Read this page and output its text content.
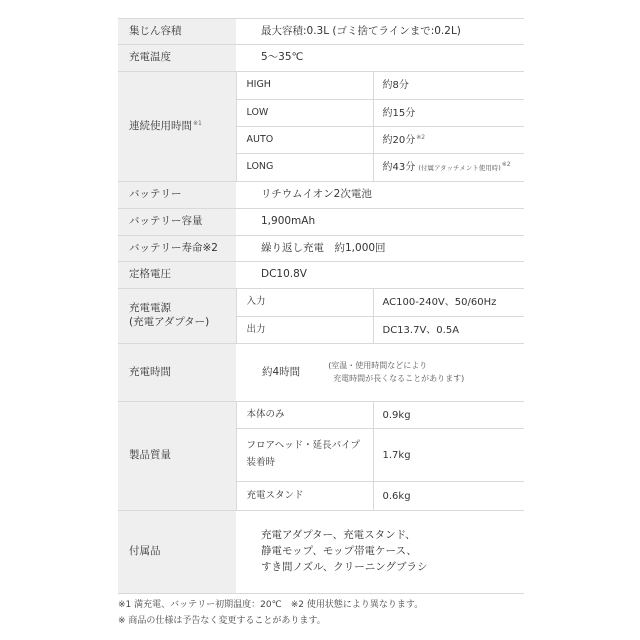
集じん容積	最大容積:0.3L (ゴミ捨てラインまで:0.2L)	
充電温度	5～35℃	
連続使用時間$^{※1}$	HIGH	約8分
	LOW	約15分
	AUTO	約20分$^{※2}$
	LONG	約43分 (付属アタッチメント使用時)$^{※2}$
バッテリー	リチウムイオン2次電池	
バッテリー容量	1,900mAh	
バッテリー寿命※2	繰り返し充電　約1,000回	
定格電圧	DC10.8V	

充電電源
(充電アダプター)	入力	AC100-240V、50/60Hz
	出力	DC13.7V、0.5A
充電時間	約4時間
(室温・使用時間などにより
充電時間が長くなることがあります)	

製品質量	本体のみ	0.9kg

	フロアヘッド・延長パイプ
装着時	1.7kg
	充電スタンド	0.6kg
付属品	充電アダプター、充電スタンド、
静電モップ、モップ帯電ケース、
すき間ノズル、クリーニングブラシ	
※1 満充電、バッテリー初期温度：20℃　※2 使用状態により異なります。
※ 商品の仕様は予告なく変更することがあります。
